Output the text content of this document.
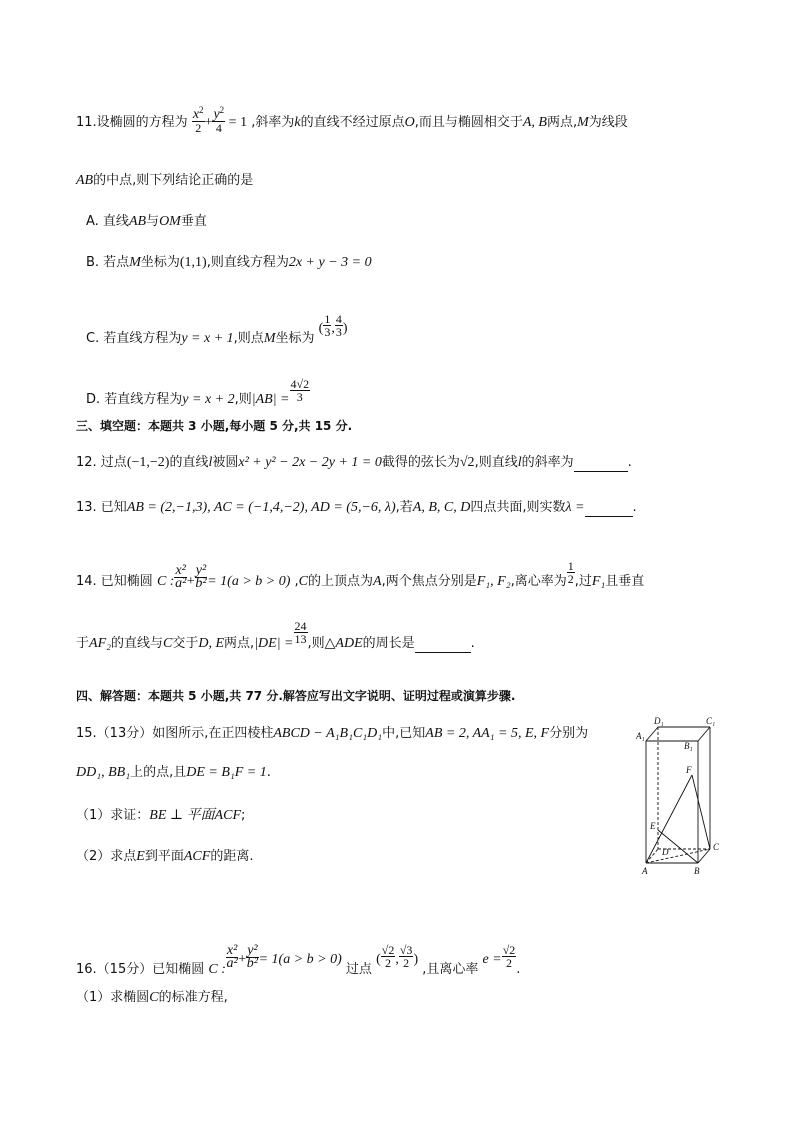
11.设椭圆的方程为 $\frac{x^2}{2} + \frac{y^2}{4} = 1$ ,斜率为k的直线不经过原点O,而且与椭圆相交于A, B两点,M为线段
AB的中点,则下列结论正确的是
A. 直线AB与OM垂直
B. 若点M坐标为(1,1),则直线方程为2x + y − 3 = 0
C. 若直线方程为y = x + 1,则点M坐标为 ( $\frac{1}{3}$ , $\frac{4}{3}$ )
D. 若直线方程为y = x + 2,则$|AB| = \frac{4√2}{3}$
三、填空题：本题共 3 小题,每小题 5 分,共 15 分.
12. 过点(−1,−2)的直线l被圆x² + y² − 2x − 2y + 1 = 0截得的弦长为√2,则直线l的斜率为	.
13. 已知AB = (2,−1,3), AC = (−1,4,−2), AD = (5,−6, λ),若A, B, C, D四点共面,则实数λ =	.
14. 已知椭圆 C : $\frac{\text{x²}}{\text{a²}} + \frac{\text{y²}}{\text{b²}} = 1(a > b > 0)$ ,C的上顶点为A,两个焦点分别是F₁, F₂,离心率为 $\frac{1}{2}$ ,过F₁且垂直
于AF₂的直线与C交于D, E两点$,|DE| = \frac{24}{13}$ ,则△ADE的周长是	.
四、解答题：本题共 5 小题,共 77 分.解答应写出文字说明、证明过程或演算步骤.
15.（13分）如图所示,在正四棱柱ABCD − A₁B₁C₁D₁中,已知AB = 2, AA₁ = 5, E, F分别为
DD₁, BB₁上的点,且DE = B₁F = 1.
（1）求证：BE ⊥ 平面ACF;
（2）求点E到平面ACF的距离.
D₁	C₁
A₁
B₁
F
E
D	C
A	B
16.（15分）已知椭圆 C : $\frac{\text{x²}}{\text{a²}} + \frac{\text{y²}}{\text{b²}} = 1(a > b > 0)$ 过点 ( $\frac{√2}{2}$ , $\frac{√3}{2}$ ) ,且离心率 $e = \frac{√2}{2}$
.
（1）求椭圆C的标准方程,
